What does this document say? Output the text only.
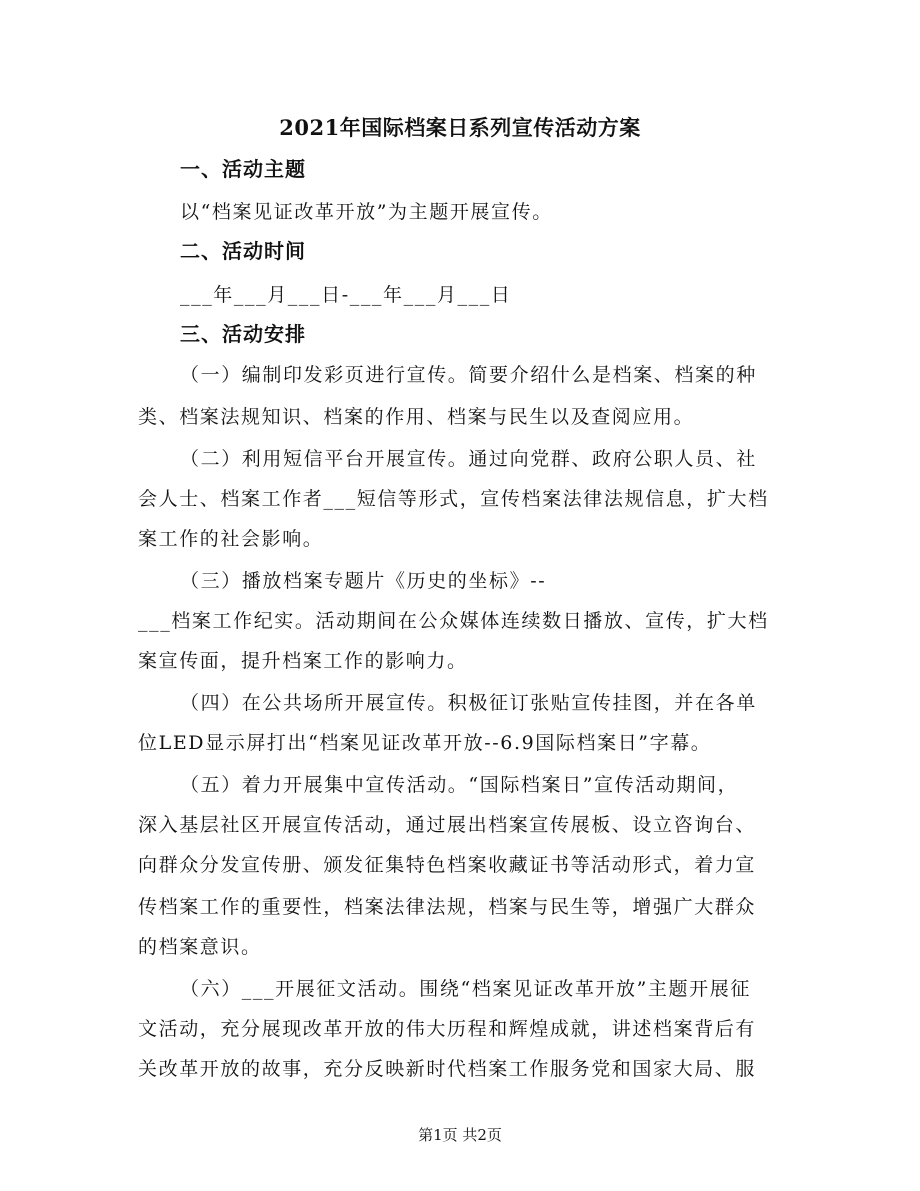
2021年国际档案日系列宣传活动方案
一、活动主题
以“档案见证改革开放”为主题开展宣传。
二、活动时间
___年___月___日-___年___月___日
三、活动安排
（一）编制印发彩页进行宣传。简要介绍什么是档案、档案的种
类、档案法规知识、档案的作用、档案与民生以及查阅应用。
（二）利用短信平台开展宣传。通过向党群、政府公职人员、社
会人士、档案工作者___短信等形式，宣传档案法律法规信息，扩大档
案工作的社会影响。
（三）播放档案专题片《历史的坐标》--
___档案工作纪实。活动期间在公众媒体连续数日播放、宣传，扩大档
案宣传面，提升档案工作的影响力。
（四）在公共场所开展宣传。积极征订张贴宣传挂图，并在各单
位LED显示屏打出“档案见证改革开放--6.9国际档案日”字幕。
（五）着力开展集中宣传活动。“国际档案日”宣传活动期间，
深入基层社区开展宣传活动，通过展出档案宣传展板、设立咨询台、
向群众分发宣传册、颁发征集特色档案收藏证书等活动形式，着力宣
传档案工作的重要性，档案法律法规，档案与民生等，增强广大群众
的档案意识。
（六）___开展征文活动。围绕“档案见证改革开放”主题开展征
文活动，充分展现改革开放的伟大历程和辉煌成就，讲述档案背后有
关改革开放的故事，充分反映新时代档案工作服务党和国家大局、服
第1页 共2页
